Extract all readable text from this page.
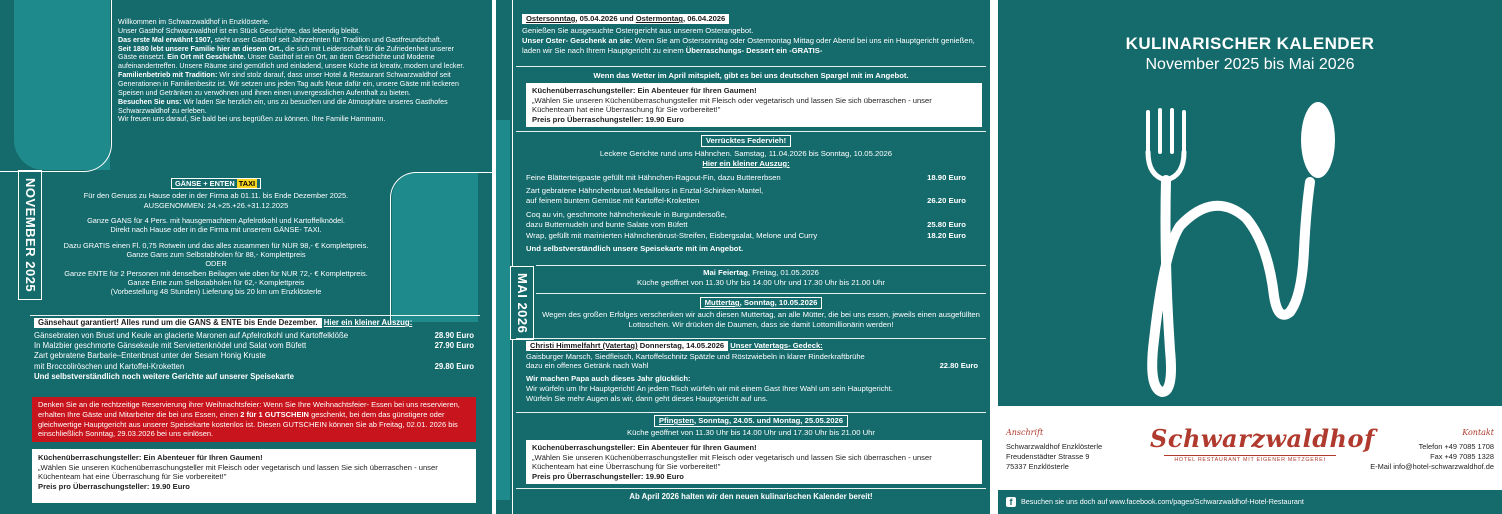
Willkommen im Schwarzwaldhof in Enzklösterle.
Unser Gasthof Schwarzwaldhof ist ein Stück Geschichte, das lebendig bleibt.
Das erste Mal erwähnt 1907, steht unser Gasthof seit Jahrzehnten für Tradition und Gastfreundschaft.
Seit 1880 lebt unsere Familie hier an diesem Ort., die sich mit Leidenschaft für die Zufriedenheit unserer Gäste einsetzt. Ein Ort mit Geschichte. Unser Gasthof ist ein Ort, an dem Geschichte und Moderne aufeinandertreffen. Unsere Räume sind gemütlich und einladend, unsere Küche ist kreativ, modern und lecker.
Familienbetrieb mit Tradition: Wir sind stolz darauf, dass unser Hotel & Restaurant Schwarzwaldhof seit Generationen in Familienbesitz ist. Wir setzen uns jeden Tag aufs Neue dafür ein, unsere Gäste mit leckeren Speisen und Getränken zu verwöhnen und ihnen einen unvergesslichen Aufenthalt zu bieten.
Besuchen Sie uns: Wir laden Sie herzlich ein, uns zu besuchen und die Atmosphäre unseres Gasthofes Schwarzwaldhof zu erleben.
Wir freuen uns darauf, Sie bald bei uns begrüßen zu können. Ihre Familie Hammann.
NOVEMBER 2025	GÄNSE + ENTEN TAXI
Für den Genuss zu Hause oder in der Firma ab 01.11. bis Ende Dezember 2025.
AUSGENOMMEN: 24.+25.+26.+31.12.2025
Ganze GANS für 4 Pers. mit hausgemachtem Apfelrotkohl und Kartoffelknödel.
Direkt nach Hause oder in die Firma mit unserem GÄNSE- TAXI.
Dazu GRATIS einen Fl. 0,75 Rotwein und das alles zusammen für NUR 98,- € Komplettpreis.
Ganze Gans zum Selbstabholen für 88,- Komplettpreis
ODER
Ganze ENTE für 2 Personen mit denselben Beilagen wie oben für NUR 72,- € Komplettpreis.
Ganze Ente zum Selbstabholen für 62,- Komplettpreis
(Vorbestellung 48 Stunden) Lieferung bis 20 km um Enzklösterle
Gänsehaut garantiert! Alles rund um die GANS & ENTE bis Ende Dezember. Hier ein kleiner Auszug:
Gänsebraten von Brust und Keule an glacierte Maronen auf Apfelrotkohl und Kartoffelklöße	28.90 Euro
In Malzbier geschmorte Gänsekeule mit Serviettenknödel und Salat vom Büfett	27.90 Euro
Zart gebratene Barbarie–Entenbrust unter der Sesam Honig Kruste
mit Broccoliröschen und Kartoffel-Kroketten	29.80 Euro
Und selbstverständlich noch weitere Gerichte auf unserer Speisekarte
Denken Sie an die rechtzeitige Reservierung ihrer Weihnachtsfeier: Wenn Sie Ihre Weihnachtsfeier- Essen bei uns reservieren, erhalten Ihre Gäste und Mitarbeiter die bei uns Essen, einen 2 für 1 GUTSCHEIN geschenkt, bei dem das günstigere oder gleichwertige Hauptgericht aus unserer Speisekarte kostenlos ist. Diesen GUTSCHEIN können Sie ab Freitag, 02.01. 2026 bis einschließlich Sonntag, 29.03.2026 bei uns einlösen.
Küchenüberraschungsteller: Ein Abenteuer für Ihren Gaumen!
„Wählen Sie unseren Küchenüberraschungsteller mit Fleisch oder vegetarisch und lassen Sie sich überraschen - unser Küchenteam hat eine Überraschung für Sie vorbereitet!"
Preis pro Überraschungsteller: 19.90 Euro
Ostersonntag, 05.04.2026 und Ostermontag, 06.04.2026
Genießen Sie ausgesuchte Ostergericht aus unserem Osterangebot.
Unser Oster- Geschenk an sie: Wenn Sie am Ostersonntag oder Ostermontag Mittag oder Abend bei uns ein Hauptgericht genießen, laden wir Sie nach Ihrem Hauptgericht zu einem Überraschungs- Dessert ein -GRATIS-
Wenn das Wetter im April mitspielt, gibt es bei uns deutschen Spargel mit im Angebot.
Küchenüberraschungsteller: Ein Abenteuer für Ihren Gaumen!
„Wählen Sie unseren Küchenüberraschungsteller mit Fleisch oder vegetarisch und lassen Sie sich überraschen - unser Küchenteam hat eine Überraschung für Sie vorbereitet!"
Preis pro Überraschungsteller: 19.90 Euro
Verrücktes Federvieh!
Leckere Gerichte rund ums Hähnchen. Samstag, 11.04.2026 bis Sonntag, 10.05.2026
Hier ein kleiner Auszug:
Feine Blätterteigpaste gefüllt mit Hähnchen-Ragout-Fin, dazu Buttererbsen	18.90 Euro
Zart gebratene Hähnchenbrust Medaillons in Enztal-Schinken-Mantel,
auf feinem buntem Gemüse mit Kartoffel-Kroketten	26.20 Euro
Coq au vin, geschmorte hähnchenkeule in Burgundersoße,
dazu Butternudeln und bunte Salate vom Büfett	25.80 Euro
Wrap, gefüllt mit marinierten Hähnchenbrust-Streifen, Eisbergsalat, Melone und Curry	18.20 Euro
Und selbstverständlich unsere Speisekarte mit im Angebot.
MAI 2026
Mai Feiertag, Freitag, 01.05.2026
Küche geöffnet von 11.30 Uhr bis 14.00 Uhr und 17.30 Uhr bis 21.00 Uhr
Muttertag, Sonntag, 10.05.2026
Wegen des großen Erfolges verschenken wir auch diesen Muttertag, an alle Mütter, die bei uns essen, jeweils einen ausgefüllten Lottoschein. Wir drücken die Daumen, dass sie damit Lottomillionärin werden!
Christi Himmelfahrt (Vatertag) Donnerstag, 14.05.2026 Unser Vatertags- Gedeck:
Gaisburger Marsch, Siedfleisch, Kartoffelschnitz Spätzle und Röstzwiebeln in klarer Rinderkraftbrühe
dazu ein offenes Getränk nach Wahl	22.80 Euro
Wir machen Papa auch dieses Jahr glücklich:
Wir würfeln um Ihr Hauptgericht! An jedem Tisch würfeln wir mit einem Gast Ihrer Wahl um sein Hauptgericht.
Würfeln Sie mehr Augen als wir, dann geht dieses Hauptgericht auf uns.
Pfingsten, Sonntag, 24.05. und Montag, 25.05.2026
Küche geöffnet von 11.30 Uhr bis 14.00 Uhr und 17.30 Uhr bis 21.00 Uhr
Küchenüberraschungsteller: Ein Abenteuer für Ihren Gaumen!
„Wählen Sie unseren Küchenüberraschungsteller mit Fleisch oder vegetarisch und lassen Sie sich überraschen - unser Küchenteam hat eine Überraschung für Sie vorbereitet!"
Preis pro Überraschungsteller: 19.90 Euro
Ab April 2026 halten wir den neuen kulinarischen Kalender bereit!
KULINARISCHER KALENDER
November 2025 bis Mai 2026
Anschrift
Schwarzwaldhof Enzklösterle
Freudenstädter Strasse 9
75337 Enzklösterle
Schwarzwaldhof
HOTEL RESTAURANT MIT EIGENER METZGEREI
Kontakt
Telefon +49 7085 1708
Fax +49 7085 1328
E-Mail info@hotel-schwarzwaldhof.de
f	Besuchen sie uns doch auf www.facebook.com/pages/Schwarzwaldhof-Hotel-Restaurant
